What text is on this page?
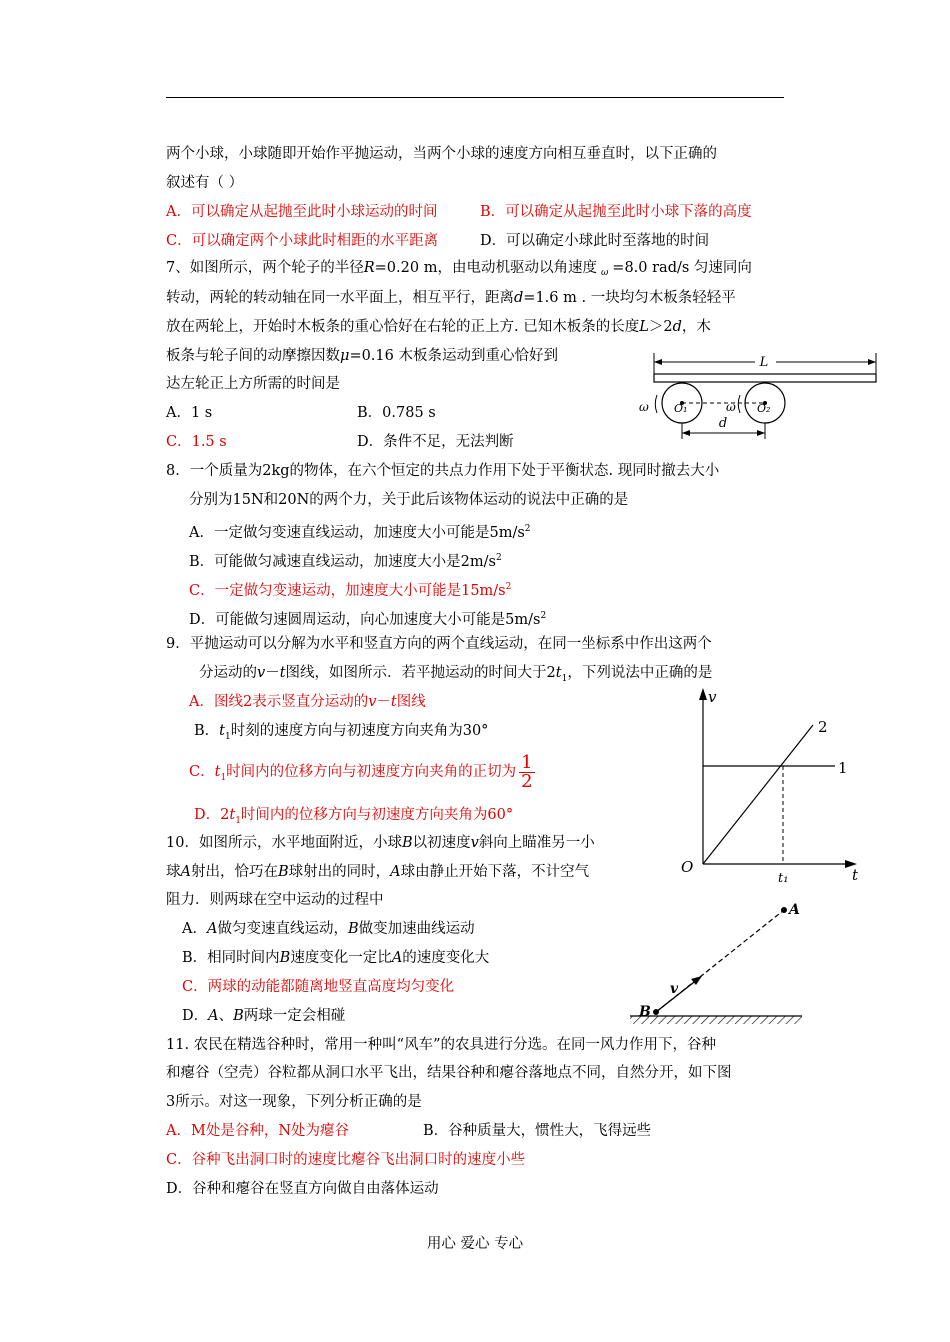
两个小球，小球随即开始作平抛运动，当两个小球的速度方向相互垂直时，以下正确的
叙述有（ ）
A．可以确定从起抛至此时小球运动的时间	B．可以确定从起抛至此时小球下落的高度
C．可以确定两个小球此时相距的水平距离	D．可以确定小球此时至落地的时间
7、如图所示，两个轮子的半径R=0.20 m，由电动机驱动以角速度 $_\omega$ =8.0 rad/s 匀速同向
转动，两轮的转动轴在同一水平面上，相互平行，距离d=1.6 m . 一块均匀木板条轻轻平
放在两轮上，开始时木板条的重心恰好在右轮的正上方. 已知木板条的长度L＞2d，木
板条与轮子间的动摩擦因数μ=0.16 木板条运动到重心恰好到
达左轮正上方所需的时间是
A．1 s	B．0.785 s
C．1.5 s	D．条件不足，无法判断
L
O₁	O₂
ω	ω
d
8．一个质量为2kg的物体，在六个恒定的共点力作用下处于平衡状态. 现同时撤去大小
分别为15N和20N的两个力，关于此后该物体运动的说法中正确的是
A．一定做匀变速直线运动，加速度大小可能是$5m/s^2$
B．可能做匀减速直线运动，加速度大小是$2m/s^2$
C．一定做匀变速运动，加速度大小可能是$15m/s^2$
D．可能做匀速圆周运动，向心加速度大小可能是$5m/s^2$
9．平抛运动可以分解为水平和竖直方向的两个直线运动，在同一坐标系中作出这两个
分运动的v－t图线，如图所示．若平抛运动的时间大于$2t_1$，下列说法中正确的是
A．图线2表示竖直分运动的v－t图线
B．$t_1$时刻的速度方向与初速度方向夹角为30°
C．$t_1$时间内的位移方向与初速度方向夹角的正切为 $\frac{1}{2}$
D．$2t_1$时间内的位移方向与初速度方向夹角为60°
v
t
O
1
2
t₁
10．如图所示，水平地面附近，小球B以初速度v斜向上瞄准另一小
球A射出，恰巧在B球射出的同时，A球由静止开始下落，不计空气
阻力．则两球在空中运动的过程中
A．A做匀变速直线运动，B做变加速曲线运动
B．相同时间内B速度变化一定比A的速度变化大
C．两球的动能都随离地竖直高度均匀变化
D．A、B两球一定会相碰
A
B
v
11. 农民在精选谷种时，常用一种叫“风车”的农具进行分选。在同一风力作用下，谷种
和瘪谷（空壳）谷粒都从洞口水平飞出，结果谷种和瘪谷落地点不同，自然分开，如下图
3所示。对这一现象，下列分析正确的是
A．M处是谷种，N处为瘪谷	B．谷种质量大，惯性大，飞得远些
C．谷种飞出洞口时的速度比瘪谷飞出洞口时的速度小些
D．谷种和瘪谷在竖直方向做自由落体运动
用心 爱心 专心
